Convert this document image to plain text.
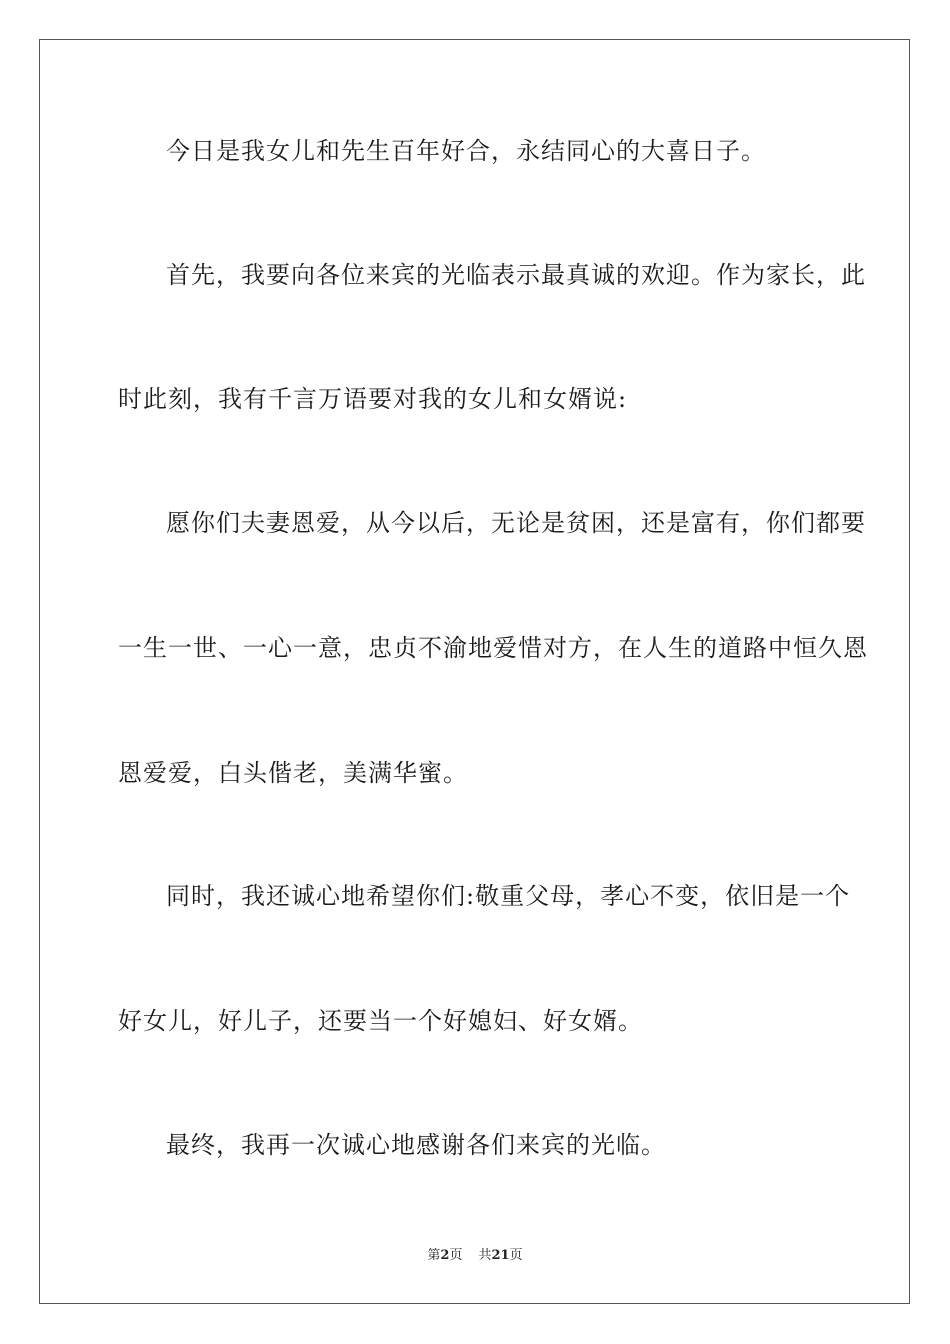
今日是我女儿和先生百年好合，永结同心的大喜日子。
首先，我要向各位来宾的光临表示最真诚的欢迎。作为家长，此
时此刻，我有千言万语要对我的女儿和女婿说:
愿你们夫妻恩爱，从今以后，无论是贫困，还是富有，你们都要
一生一世、一心一意，忠贞不渝地爱惜对方，在人生的道路中恒久恩
恩爱爱，白头偕老，美满华蜜。
同时，我还诚心地希望你们:敬重父母，孝心不变，依旧是一个
好女儿，好儿子，还要当一个好媳妇、好女婿。
最终，我再一次诚心地感谢各们来宾的光临。
第2页 共21页
